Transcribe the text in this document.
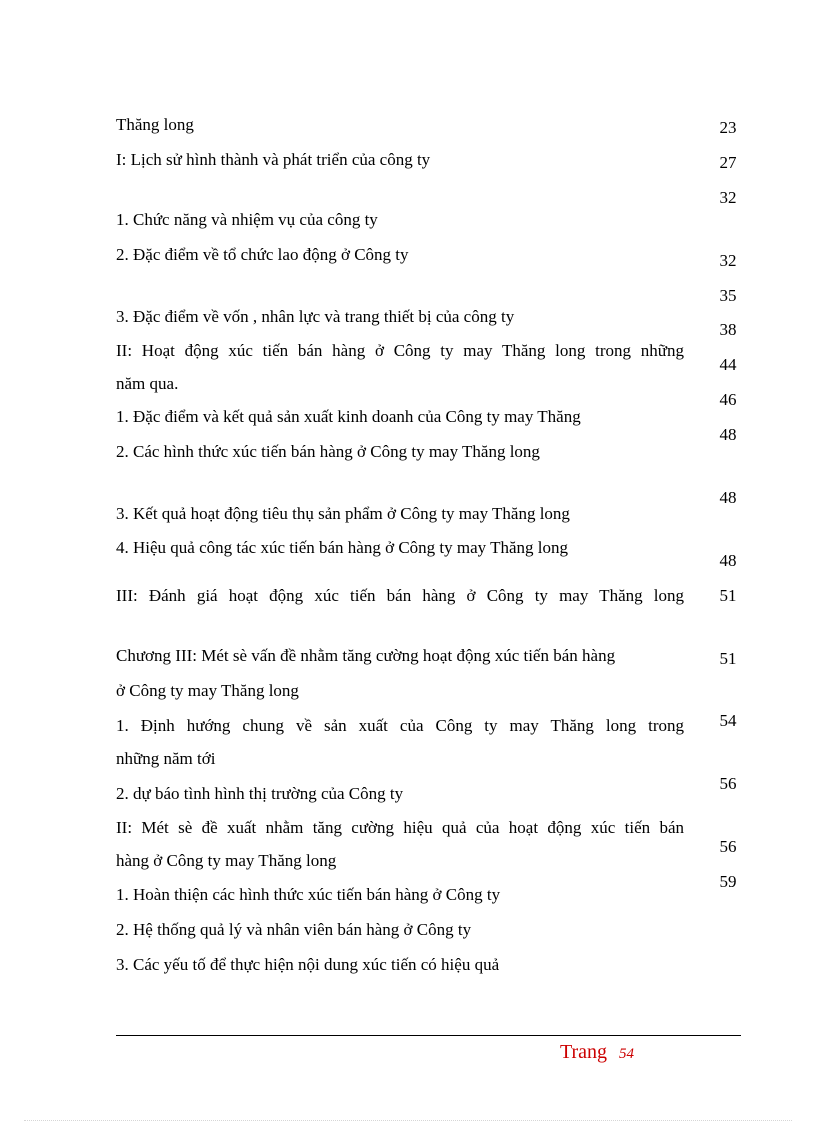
Thăng long
I: Lịch sử hình thành và phát triển của công ty
1. Chức năng và nhiệm vụ của công ty
2. Đặc điểm về tổ chức lao động ở Công ty
3. Đặc điểm về vốn , nhân lực và trang thiết bị của công ty
II: Hoạt động xúc tiến bán hàng ở Công ty may Thăng long trong những
năm qua.
1. Đặc điểm và kết quả sản xuất kinh doanh của Công ty may Thăng
2. Các hình thức xúc tiến bán hàng ở Công ty may Thăng long
3. Kết quả hoạt động tiêu thụ sản phẩm ở Công ty may Thăng long
4. Hiệu quả công tác xúc tiến bán hàng ở Công ty may Thăng long
III: Đánh giá hoạt động xúc tiến bán hàng ở Công ty may Thăng long
Chương III: Mét sè vấn đề nhằm tăng cường hoạt động xúc tiến bán hàng
ở Công ty may Thăng long
1. Định hướng chung về sản xuất của Công ty may Thăng long trong
những năm tới
2. dự báo tình hình thị trường của Công ty
II: Mét sè đề xuất nhằm tăng cường hiệu quả của hoạt động xúc tiến bán
hàng ở Công ty may Thăng long
1. Hoàn thiện các hình thức xúc tiến bán hàng ở Công ty
2. Hệ thống quả lý và nhân viên bán hàng ở Công ty
3. Các yếu tố để thực hiện nội dung xúc tiến có hiệu quả
23
27
32
32
35
38
44
46
48
48
48
51
51
54
56
56
59
Trang 54
